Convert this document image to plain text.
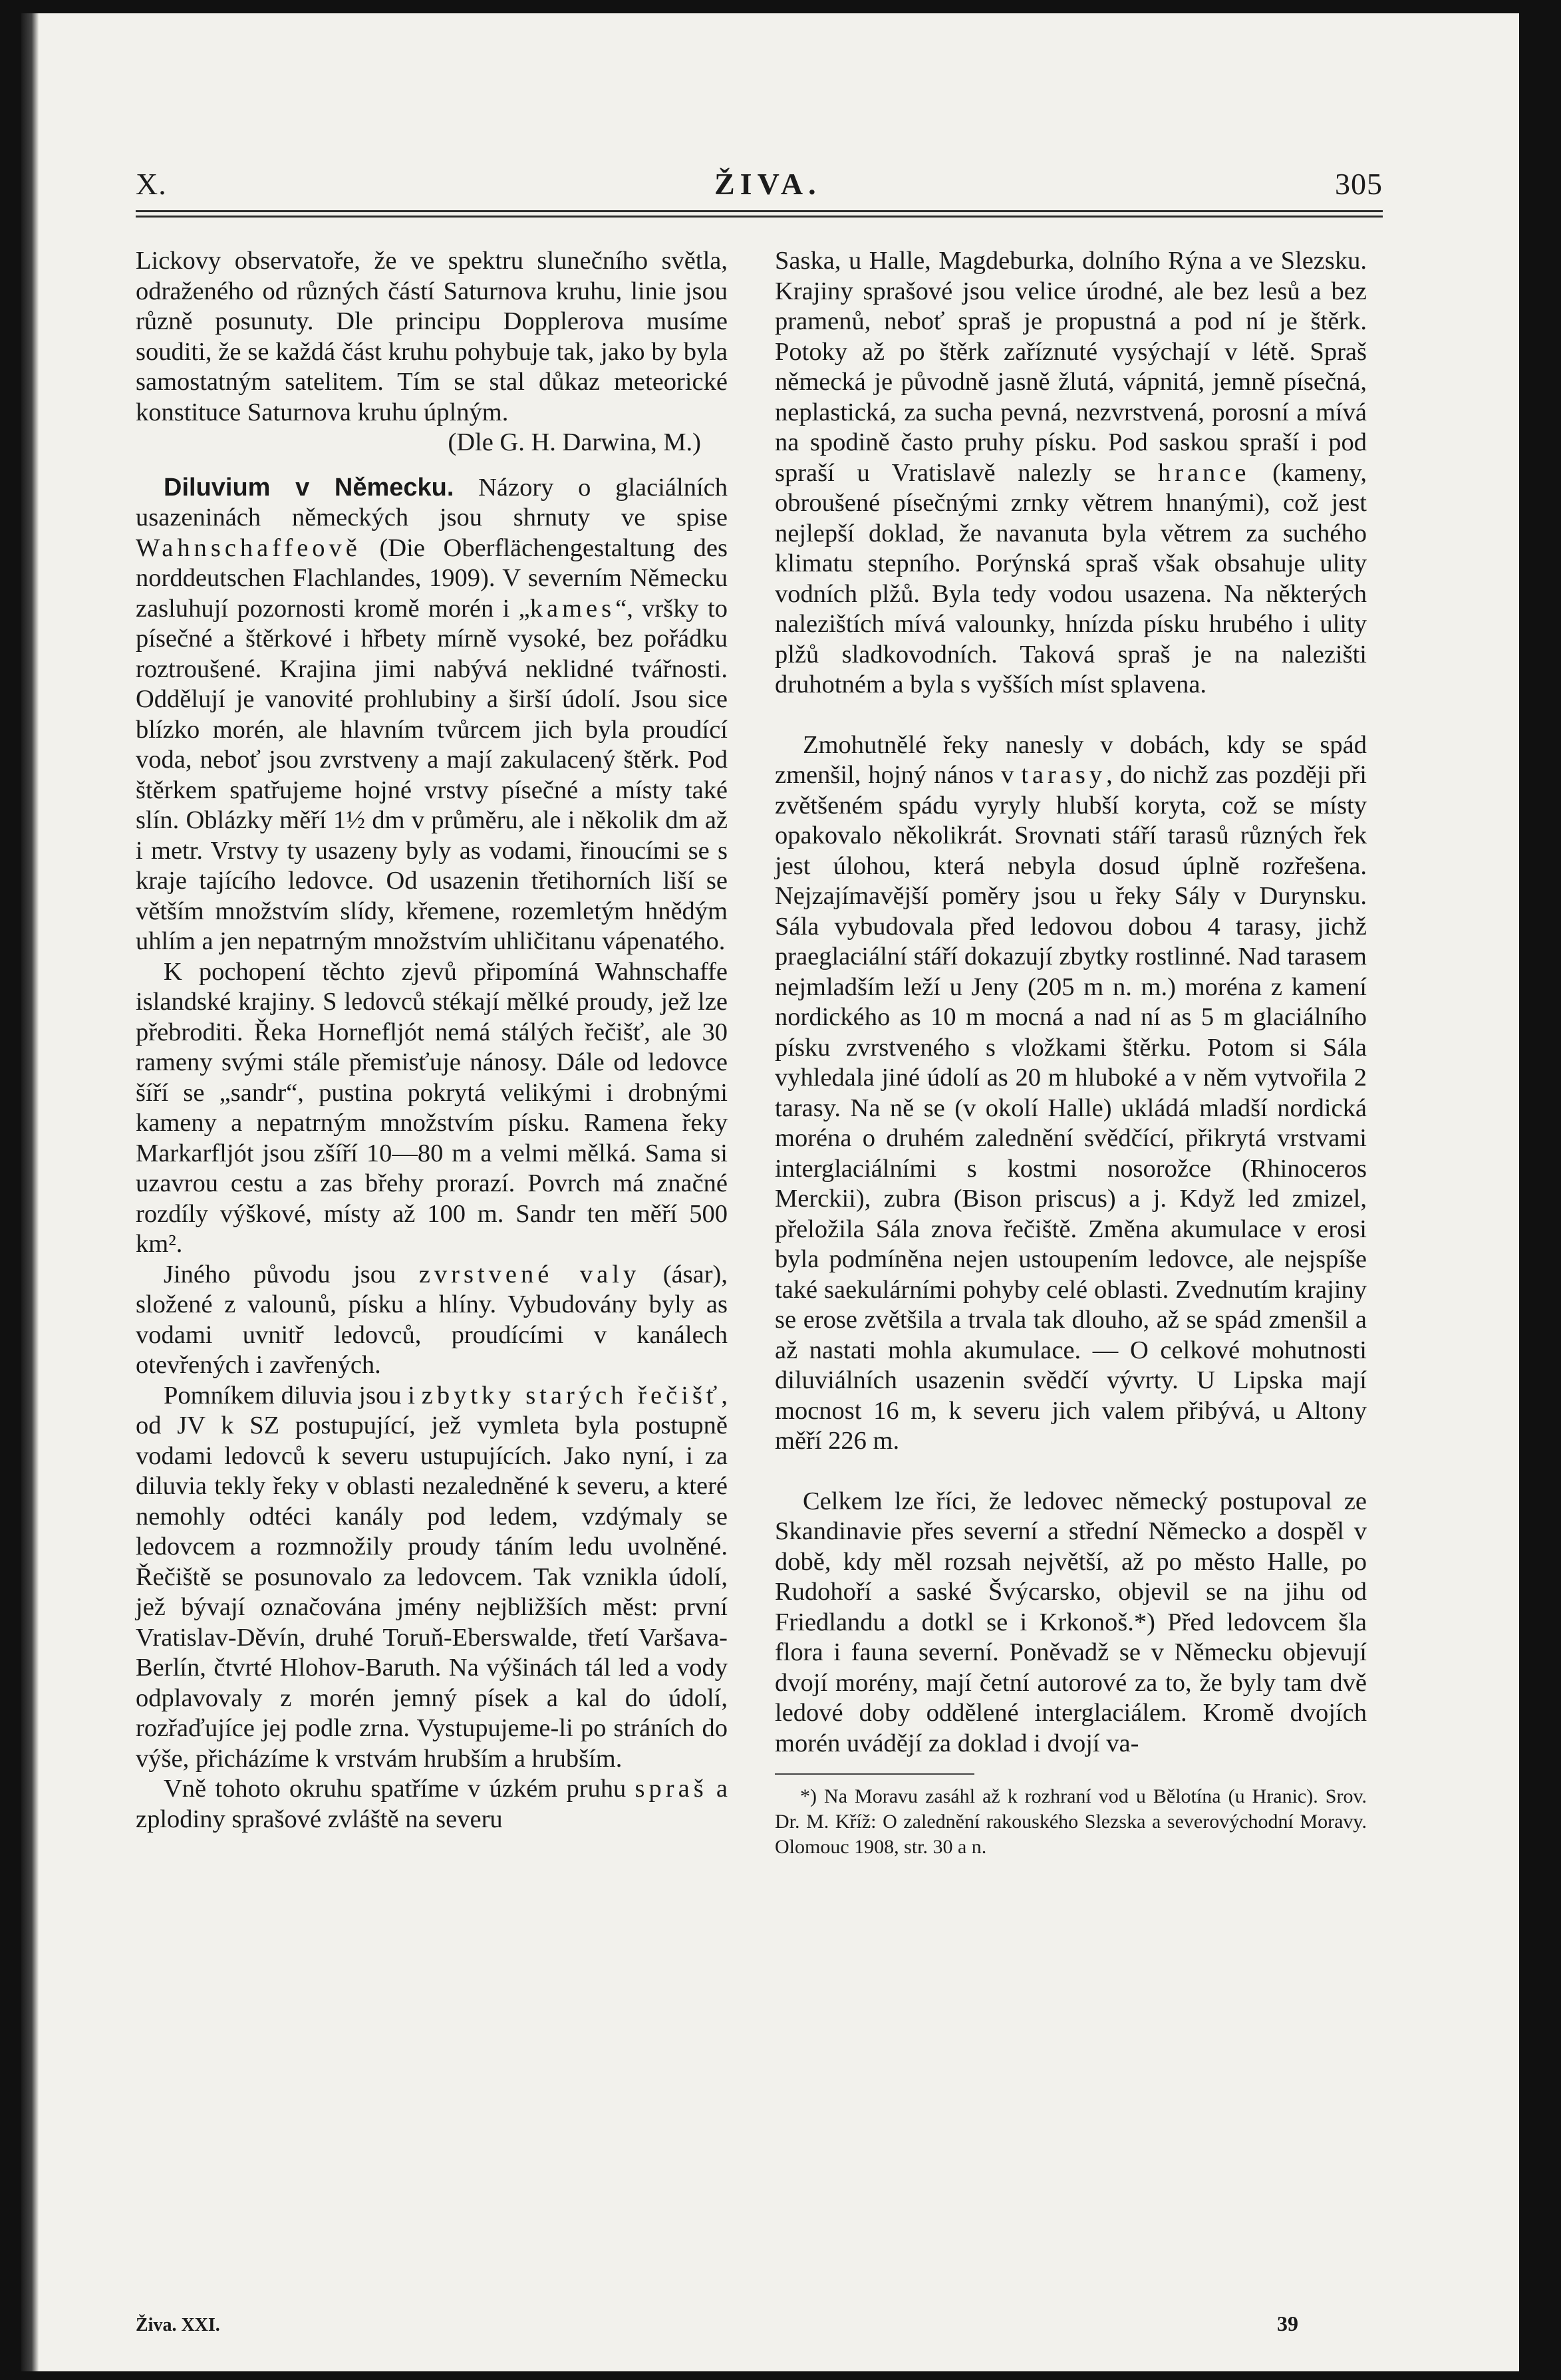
X.	ŽIVA.	305

Lickovy observatoře, že ve spektru slunečního světla, odraženého od různých částí Saturnova kruhu, linie jsou různě posunuty. Dle principu Dopplerova musíme souditi, že se každá část kruhu pohybuje tak, jako by byla samostatným satelitem. Tím se stal důkaz meteorické konstituce Saturnova kruhu úplným.

(Dle G. H. Darwina, M.)

Diluvium v Německu. Názory o glaciálních usazeninách německých jsou shrnuty ve spise Wahnschaffeově (Die Oberflächengestaltung des norddeutschen Flachlandes, 1909). V severním Německu zasluhují pozornosti kromě morén i „kames“, vršky to písečné a štěrkové i hřbety mírně vysoké, bez pořádku roztroušené. Krajina jimi nabývá neklidné tvářnosti. Oddělují je vanovité prohlubiny a širší údolí. Jsou sice blízko morén, ale hlavním tvůrcem jich byla proudící voda, neboť jsou zvrstveny a mají zakulacený štěrk. Pod štěrkem spatřujeme hojné vrstvy písečné a místy také slín. Oblázky měří 1½ dm v průměru, ale i několik dm až i metr. Vrstvy ty usazeny byly as vodami, řinoucími se s kraje tajícího ledovce. Od usazenin třetihorních liší se větším množstvím slídy, křemene, rozemletým hnědým uhlím a jen nepatrným množstvím uhličitanu vápenatého.

K pochopení těchto zjevů připomíná Wahnschaffe islandské krajiny. S ledovců stékají mělké proudy, jež lze přebroditi. Řeka Hornefljót nemá stálých řečišť, ale 30 rameny svými stále přemisťuje nánosy. Dále od ledovce šíří se „sandr“, pustina pokrytá velikými i drobnými kameny a nepatrným množstvím písku. Ramena řeky Markarfljót jsou zšíří 10—80 m a velmi mělká. Sama si uzavrou cestu a zas břehy prorazí. Povrch má značné rozdíly výškové, místy až 100 m. Sandr ten měří 500 km².

Jiného původu jsou zvrstvené valy (ásar), složené z valounů, písku a hlíny. Vybudovány byly as vodami uvnitř ledovců, proudícími v kanálech otevřených i zavřených.

Pomníkem diluvia jsou i zbytky starých řečišť, od JV k SZ postupující, jež vymleta byla postupně vodami ledovců k severu ustupujících. Jako nyní, i za diluvia tekly řeky v oblasti nezaledněné k severu, a které nemohly odtéci kanály pod ledem, vzdýmaly se ledovcem a rozmnožily proudy táním ledu uvolněné. Řečiště se posunovalo za ledovcem. Tak vznikla údolí, jež bývají označována jmény nejbližších měst: první Vratislav-Děvín, druhé Toruň-Eberswalde, třetí Varšava-Berlín, čtvrté Hlohov-Baruth. Na výšinách tál led a vody odplavovaly z morén jemný písek a kal do údolí, rozřaďujíce jej podle zrna. Vystupujeme-li po stráních do výše, přicházíme k vrstvám hrubším a hrubším.

Vně tohoto okruhu spatříme v úzkém pruhu spraš a zplodiny sprašové zvláště na severu

Saska, u Halle, Magdeburka, dolního Rýna a ve Slezsku. Krajiny sprašové jsou velice úrodné, ale bez lesů a bez pramenů, neboť spraš je propustná a pod ní je štěrk. Potoky až po štěrk zaříznuté vysýchají v létě. Spraš německá je původně jasně žlutá, vápnitá, jemně písečná, neplastická, za sucha pevná, nezvrstvená, porosní a mívá na spodině často pruhy písku. Pod saskou spraší i pod spraší u Vratislavě nalezly se hrance (kameny, obroušené písečnými zrnky větrem hnanými), což jest nejlepší doklad, že navanuta byla větrem za suchého klimatu stepního. Porýnská spraš však obsahuje ulity vodních plžů. Byla tedy vodou usazena. Na některých nalezištích mívá valounky, hnízda písku hrubého i ulity plžů sladkovodních. Taková spraš je na nalezišti druhotném a byla s vyšších míst splavena.

Zmohutnělé řeky nanesly v dobách, kdy se spád zmenšil, hojný nános v tarasy, do nichž zas později při zvětšeném spádu vyryly hlubší koryta, což se místy opakovalo několikrát. Srovnati stáří tarasů různých řek jest úlohou, která nebyla dosud úplně rozřešena. Nejzajímavější poměry jsou u řeky Sály v Durynsku. Sála vybudovala před ledovou dobou 4 tarasy, jichž praeglaciální stáří dokazují zbytky rostlinné. Nad tarasem nejmladším leží u Jeny (205 m n. m.) moréna z kamení nordického as 10 m mocná a nad ní as 5 m glaciálního písku zvrstveného s vložkami štěrku. Potom si Sála vyhledala jiné údolí as 20 m hluboké a v něm vytvořila 2 tarasy. Na ně se (v okolí Halle) ukládá mladší nordická moréna o druhém zalednění svědčící, přikrytá vrstvami interglaciálními s kostmi nosorožce (Rhinoceros Merckii), zubra (Bison priscus) a j. Když led zmizel, přeložila Sála znova řečiště. Změna akumulace v erosi byla podmíněna nejen ustoupením ledovce, ale nejspíše také saekulárními pohyby celé oblasti. Zvednutím krajiny se erose zvětšila a trvala tak dlouho, až se spád zmenšil a až nastati mohla akumulace. — O celkové mohutnosti diluviálních usazenin svědčí vývrty. U Lipska mají mocnost 16 m, k severu jich valem přibývá, u Altony měří 226 m.

Celkem lze říci, že ledovec německý postupoval ze Skandinavie přes severní a střední Německo a dospěl v době, kdy měl rozsah největší, až po město Halle, po Rudohoří a saské Švýcarsko, objevil se na jihu od Friedlandu a dotkl se i Krkonoš.*) Před ledovcem šla flora i fauna severní. Poněvadž se v Německu objevují dvojí morény, mají četní autorové za to, že byly tam dvě ledové doby oddělené interglaciálem. Kromě dvojích morén uvádějí za doklad i dvojí va-

*) Na Moravu zasáhl až k rozhraní vod u Bělotína (u Hranic). Srov. Dr. M. Kříž: O zalednění rakouského Slezska a severovýchodní Moravy. Olomouc 1908, str. 30 a n.

Živa. XXI.	39
